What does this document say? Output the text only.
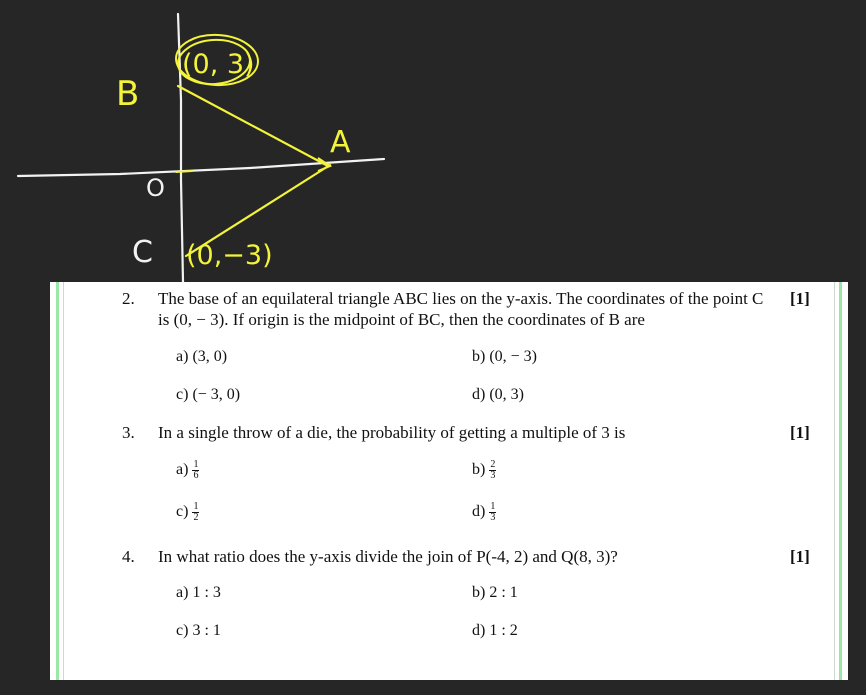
B
(0, 3)
A
O
C (0,−3)
2. The base of an equilateral triangle ABC lies on the y-axis. The coordinates of the point C is (0, − 3). If origin is the midpoint of BC, then the coordinates of B are
[1]
a) (3, 0)	b) (0, − 3)
c) (− 3, 0)	d) (0, 3)
3. In a single throw of a die, the probability of getting a multiple of 3 is	[1]
$a) \frac{1}{6}$	$b) \frac{2}{3}$
$c) \frac{1}{2}$	$d) \frac{1}{3}$
4. In what ratio does the y-axis divide the join of P(-4, 2) and Q(8, 3)?	[1]
a) 1 : 3	b) 2 : 1
c) 3 : 1	d) 1 : 2
